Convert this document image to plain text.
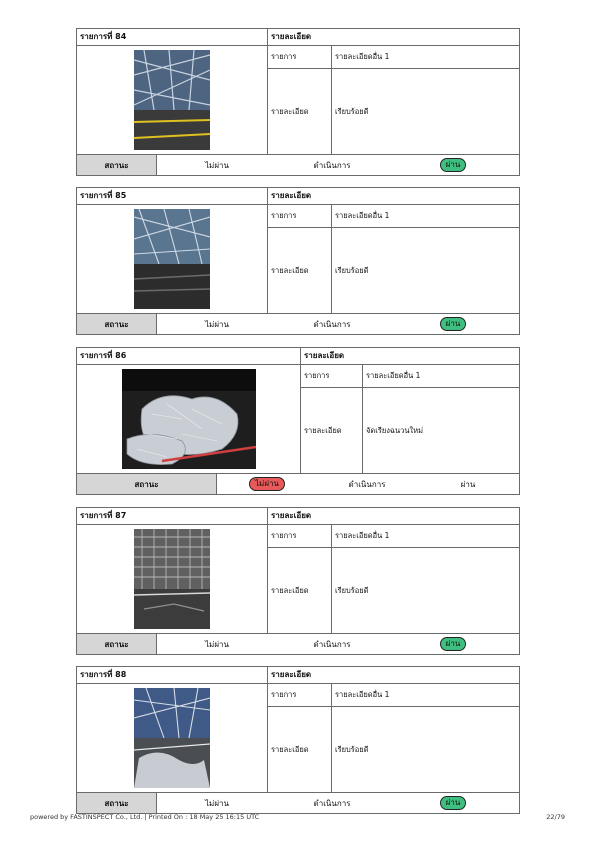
รายการที่ 84	รายละเอียด
รายการ	รายละเอียดอื่น 1
รายละเอียด	เรียบร้อยดี
สถานะ	ไม่ผ่าน	ดำเนินการ	ผ่าน
รายการที่ 85	รายละเอียด
รายการ	รายละเอียดอื่น 1
รายละเอียด	เรียบร้อยดี
สถานะ	ไม่ผ่าน	ดำเนินการ	ผ่าน
รายการที่ 86	รายละเอียด
รายการ	รายละเอียดอื่น 1
รายละเอียด	จัดเรียงฉนวนใหม่
สถานะ	ไม่ผ่าน	ดำเนินการ	ผ่าน
รายการที่ 87	รายละเอียด
รายการ	รายละเอียดอื่น 1
รายละเอียด	เรียบร้อยดี
สถานะ	ไม่ผ่าน	ดำเนินการ	ผ่าน
รายการที่ 88	รายละเอียด
รายการ	รายละเอียดอื่น 1
รายละเอียด	เรียบร้อยดี
สถานะ	ไม่ผ่าน	ดำเนินการ	ผ่าน
powered by FASTINSPECT Co., Ltd. | Printed On : 18 May 25 16:15 UTC	22/79
